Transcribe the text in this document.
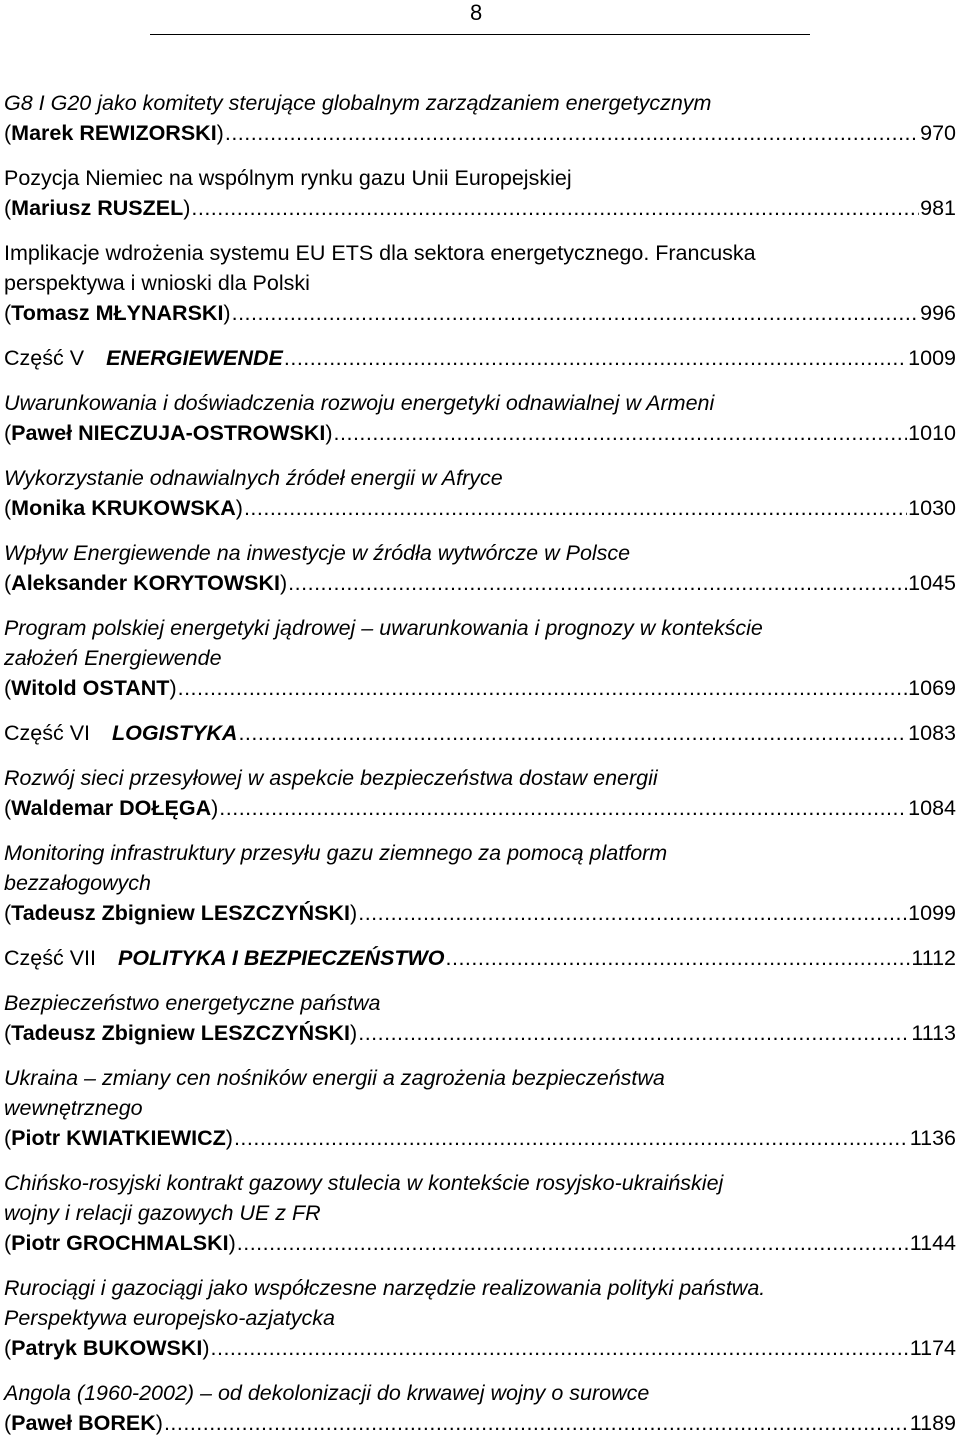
8
G8 I G20 jako komitety sterujące globalnym zarządzaniem energetycznym
(Marek REWIZORSKI) .....	970
Pozycja Niemiec na wspólnym rynku gazu Unii Europejskiej
(Mariusz RUSZEL) .....	981
Implikacje wdrożenia systemu EU ETS dla sektora energetycznego. Francuska
perspektywa i wnioski dla Polski
(Tomasz MŁYNARSKI) .....	996
Część V ENERGIEWENDE .....	1009
Uwarunkowania i doświadczenia rozwoju energetyki odnawialnej w Armeni
(Paweł NIECZUJA-OSTROWSKI) .....	1010
Wykorzystanie odnawialnych źródeł energii w Afryce
(Monika KRUKOWSKA) .....	1030
Wpływ Energiewende na inwestycje w źródła wytwórcze w Polsce
(Aleksander KORYTOWSKI) .....	1045
Program polskiej energetyki jądrowej – uwarunkowania i prognozy w kontekście
założeń Energiewende
(Witold OSTANT) .....	1069
Część VI LOGISTYKA .....	1083
Rozwój sieci przesyłowej w aspekcie bezpieczeństwa dostaw energii
(Waldemar DOŁĘGA) .....	1084
Monitoring infrastruktury przesyłu gazu ziemnego za pomocą platform
bezzałogowych
(Tadeusz Zbigniew LESZCZYŃSKI) .....	1099
Część VII POLITYKA I BEZPIECZEŃSTWO .....	1112
Bezpieczeństwo energetyczne państwa
(Tadeusz Zbigniew LESZCZYŃSKI) .....	1113
Ukraina – zmiany cen nośników energii a zagrożenia bezpieczeństwa
wewnętrznego
(Piotr KWIATKIEWICZ) .....	1136
Chińsko-rosyjski kontrakt gazowy stulecia w kontekście rosyjsko-ukraińskiej
wojny i relacji gazowych UE z FR
(Piotr GROCHMALSKI) .....	1144
Rurociągi i gazociągi jako współczesne narzędzie realizowania polityki państwa.
Perspektywa europejsko-azjatycka
(Patryk BUKOWSKI) .....	1174
Angola (1960-2002) – od dekolonizacji do krwawej wojny o surowce
(Paweł BOREK) .....	1189
